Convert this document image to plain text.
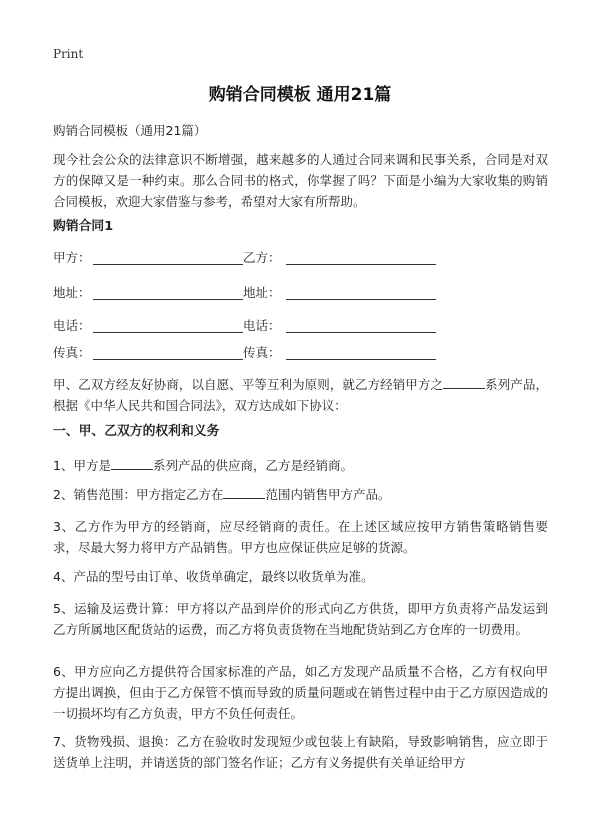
Print
购销合同模板 通用21篇
购销合同模板（通用21篇）
现今社会公众的法律意识不断增强，越来越多的人通过合同来调和民事关系，合同是对双方的保障又是一种约束。那么合同书的格式，你掌握了吗？下面是小编为大家收集的购销合同模板，欢迎大家借鉴与参考，希望对大家有所帮助。
购销合同1
甲方：	乙方：
地址：	地址：
电话：	电话：
传真：	传真：
甲、乙双方经友好协商，以自愿、平等互利为原则，就乙方经销甲方之	系列产品，根据《中华人民共和国合同法》，双方达成如下协议：
一、甲、乙双方的权利和义务
1、甲方是	系列产品的供应商，乙方是经销商。
2、销售范围：甲方指定乙方在	范围内销售甲方产品。
3、乙方作为甲方的经销商，应尽经销商的责任。在上述区域应按甲方销售策略销售要求，尽最大努力将甲方产品销售。甲方也应保证供应足够的货源。
4、产品的型号由订单、收货单确定，最终以收货单为准。
5、运输及运费计算：甲方将以产品到岸价的形式向乙方供货，即甲方负责将产品发运到乙方所属地区配货站的运费，而乙方将负责货物在当地配货站到乙方仓库的一切费用。
6、甲方应向乙方提供符合国家标准的产品，如乙方发现产品质量不合格，乙方有权向甲方提出调换，但由于乙方保管不慎而导致的质量问题或在销售过程中由于乙方原因造成的一切损坏均有乙方负责，甲方不负任何责任。
7、货物残损、退换：乙方在验收时发现短少或包装上有缺陷，导致影响销售，应立即于送货单上注明，并请送货的部门签名作证；乙方有义务提供有关单证给甲方
